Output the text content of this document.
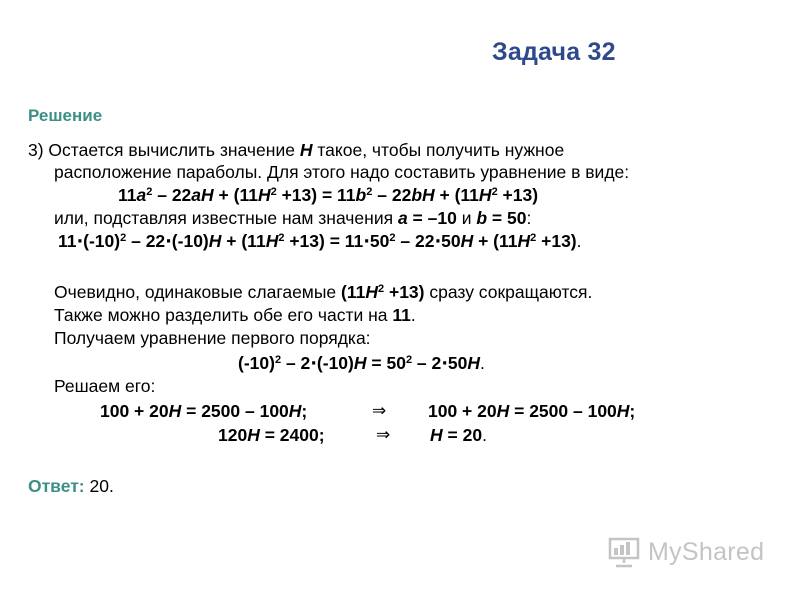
Задача 32
Решение
3) Остается вычислить значение H такое, чтобы получить нужное
расположение параболы. Для этого надо составить уравнение в виде:
$11a^2 - 22aH + (11H^2 +13) = 11b^2 - 22bH + (11H^2 +13)$
или, подставляя известные нам значения a = –10 и b = 50:
$11\cdot(-10)^2 - 22\cdot(-10)H + (11H^2 +13) = 11\cdot 50^2 - 22\cdot 50H + (11H^2 +13)$.
Очевидно, одинаковые слагаемые $(11H^2 +13)$ сразу сокращаются.
Также можно разделить обе его части на 11.
Получаем уравнение первого порядка:
$(-10)^2 - 2\cdot(-10)H = 50^2 - 2\cdot 50H$.
Решаем его:
100 + 20H = 2500 – 100H;	⇒ 100 + 20H = 2500 – 100H;
120H = 2400;	⇒ H = 20.
Ответ: 20.
MyShared
